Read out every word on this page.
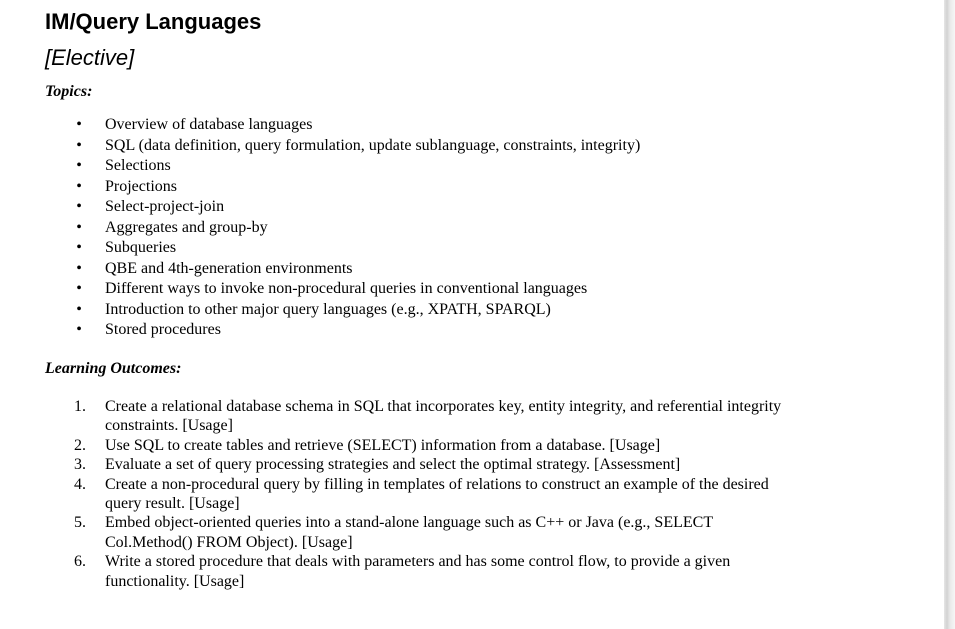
IM/Query Languages
[Elective]
Topics:
• Overview of database languages
• SQL (data definition, query formulation, update sublanguage, constraints, integrity)
• Selections
• Projections
• Select-project-join
• Aggregates and group-by
• Subqueries
• QBE and 4th-generation environments
• Different ways to invoke non-procedural queries in conventional languages
• Introduction to other major query languages (e.g., XPATH, SPARQL)
• Stored procedures
Learning Outcomes:
1. Create a relational database schema in SQL that incorporates key, entity integrity, and referential integrity
constraints. [Usage]
2. Use SQL to create tables and retrieve (SELECT) information from a database. [Usage]
3. Evaluate a set of query processing strategies and select the optimal strategy. [Assessment]
4. Create a non-procedural query by filling in templates of relations to construct an example of the desired
query result. [Usage]
5. Embed object-oriented queries into a stand-alone language such as C++ or Java (e.g., SELECT
Col.Method() FROM Object). [Usage]
6. Write a stored procedure that deals with parameters and has some control flow, to provide a given
functionality. [Usage]
